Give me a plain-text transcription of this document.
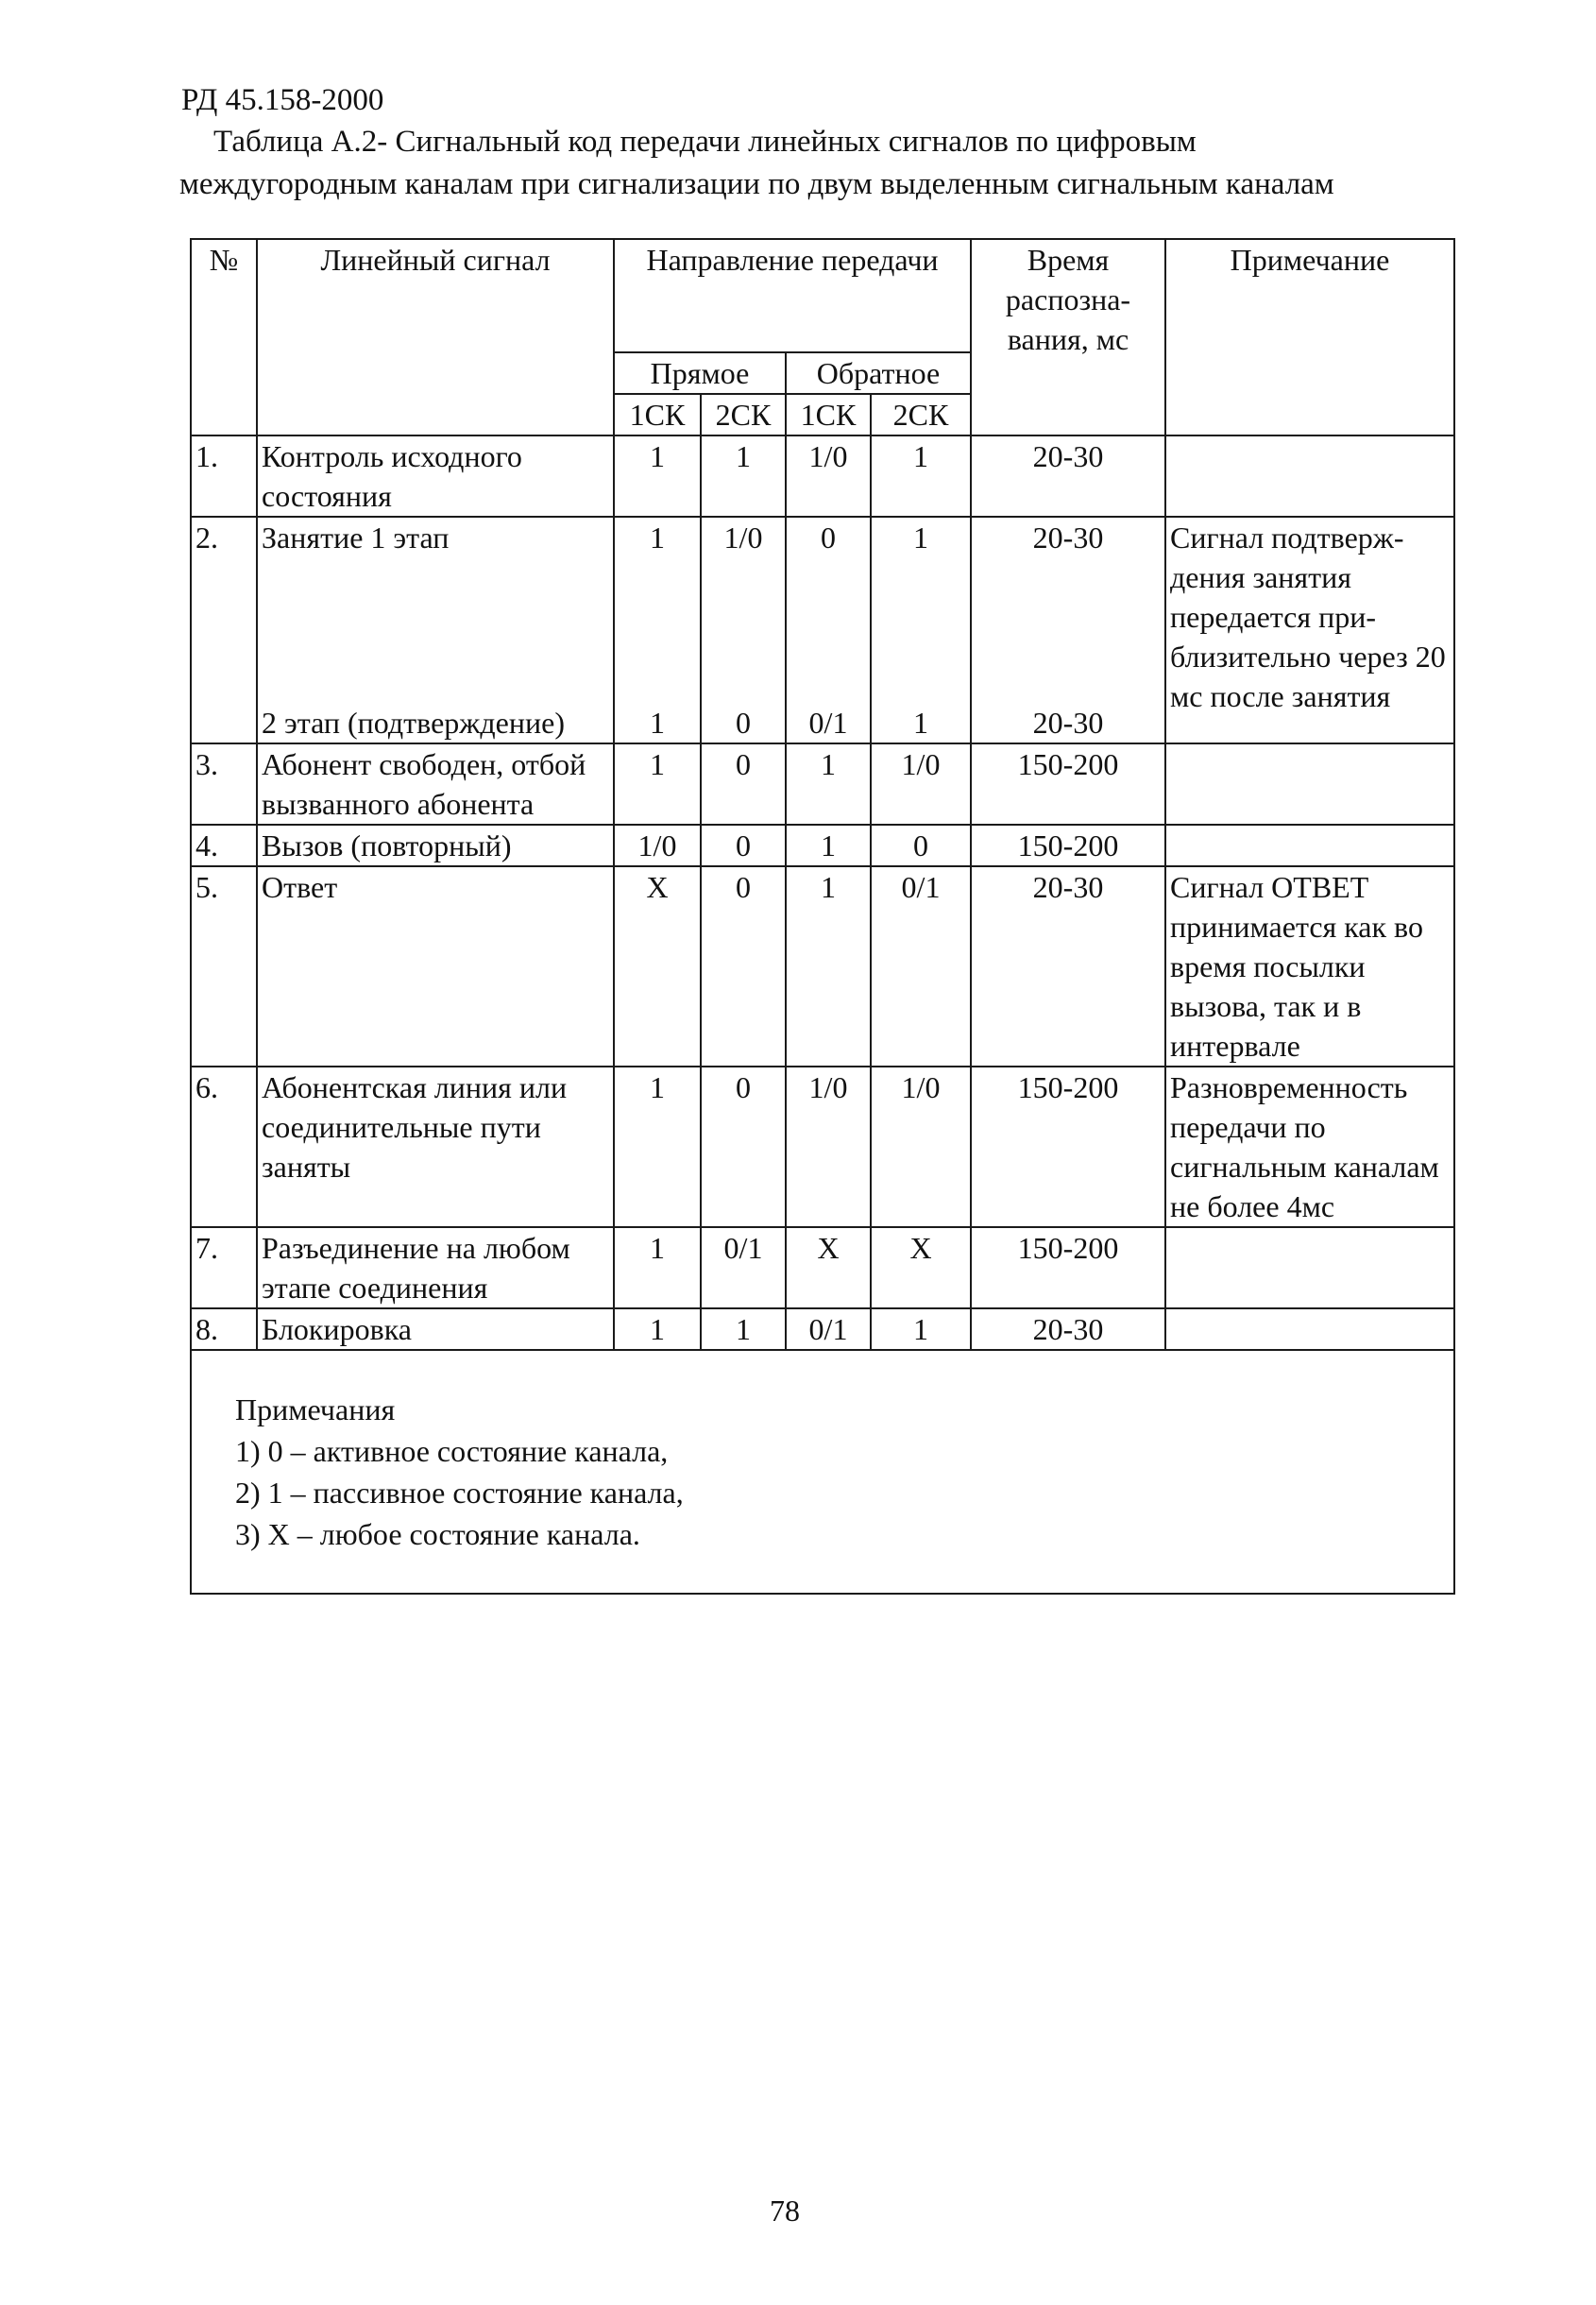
РД 45.158-2000
Таблица А.2- Сигнальный код передачи линейных сигналов по цифровым
междугородным каналам при сигнализации по двум выделенным сигнальным каналам
№	Линейный сигнал	Направление передачи				Время распозна-вания, мс	Примечание
		Прямое		Обратное			
		1СК	2СК	1СК	2СК		
1.	Контроль исходного состояния	1	1	1/0	1	20-30	
2.	Занятие 1 этап	1	1/0	0	1	20-30	Сигнал подтверж-дения занятия передается при-близительно через 20 мс после занятия
	2 этап (подтверждение)	1	0	0/1	1	20-30	
3.	Абонент свободен, отбой вызванного абонента	1	0	1	1/0	150-200	
4.	Вызов (повторный)	1/0	0	1	0	150-200	
5.	Ответ	X	0	1	0/1	20-30	Сигнал ОТВЕТ принимается как во время посылки вызова, так и в интервале
6.	Абонентская линия или соединительные пути заняты	1	0	1/0	1/0	150-200	Разновременность передачи по сигнальным каналам не более 4мс
7.	Разъединение на любом этапе соединения	1	0/1	X	X	150-200	
8.	Блокировка	1	1	0/1	1	20-30	

Примечания
1) 0 – активное состояние канала,
2) 1 – пассивное состояние канала,
3) X – любое состояние канала.							
78
